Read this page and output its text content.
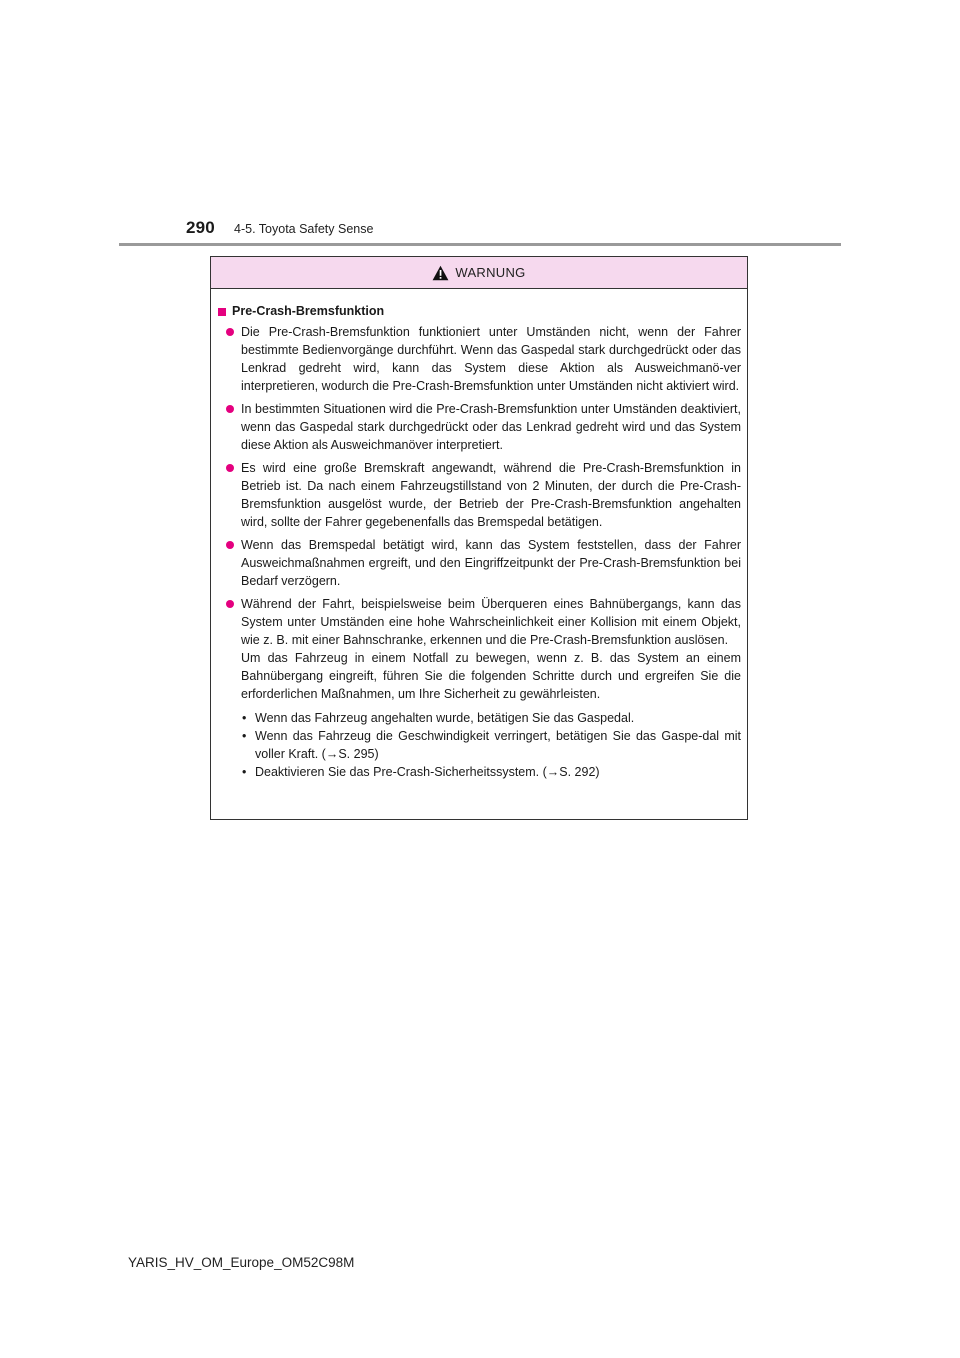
290 4-5. Toyota Safety Sense
WARNUNG
Pre-Crash-Bremsfunktion

Die Pre-Crash-Bremsfunktion funktioniert unter Umständen nicht, wenn der Fahrer bestimmte Bedienvorgänge durchführt. Wenn das Gaspedal stark durchgedrückt oder das Lenkrad gedreht wird, kann das System diese Aktion als Ausweichmanö-ver interpretieren, wodurch die Pre-Crash-Bremsfunktion unter Umständen nicht aktiviert wird.

In bestimmten Situationen wird die Pre-Crash-Bremsfunktion unter Umständen deaktiviert, wenn das Gaspedal stark durchgedrückt oder das Lenkrad gedreht wird und das System diese Aktion als Ausweichmanöver interpretiert.

Es wird eine große Bremskraft angewandt, während die Pre-Crash-Bremsfunktion in Betrieb ist. Da nach einem Fahrzeugstillstand von 2 Minuten, der durch die Pre-Crash-Bremsfunktion ausgelöst wurde, der Betrieb der Pre-Crash-Bremsfunktion angehalten wird, sollte der Fahrer gegebenenfalls das Bremspedal betätigen.

Wenn das Bremspedal betätigt wird, kann das System feststellen, dass der Fahrer Ausweichmaßnahmen ergreift, und den Eingriffzeitpunkt der Pre-Crash-Bremsfunktion bei Bedarf verzögern.

Während der Fahrt, beispielsweise beim Überqueren eines Bahnübergangs, kann das System unter Umständen eine hohe Wahrscheinlichkeit einer Kollision mit einem Objekt, wie z. B. mit einer Bahnschranke, erkennen und die Pre-Crash-Bremsfunktion auslösen.

Um das Fahrzeug in einem Notfall zu bewegen, wenn z. B. das System an einem Bahnübergang eingreift, führen Sie die folgenden Schritte durch und ergreifen Sie die erforderlichen Maßnahmen, um Ihre Sicherheit zu gewährleisten.

• Wenn das Fahrzeug angehalten wurde, betätigen Sie das Gaspedal.
• Wenn das Fahrzeug die Geschwindigkeit verringert, betätigen Sie das Gaspe-dal mit voller Kraft. (→S. 295)
• Deaktivieren Sie das Pre-Crash-Sicherheitssystem. (→S. 292)
YARIS_HV_OM_Europe_OM52C98M
